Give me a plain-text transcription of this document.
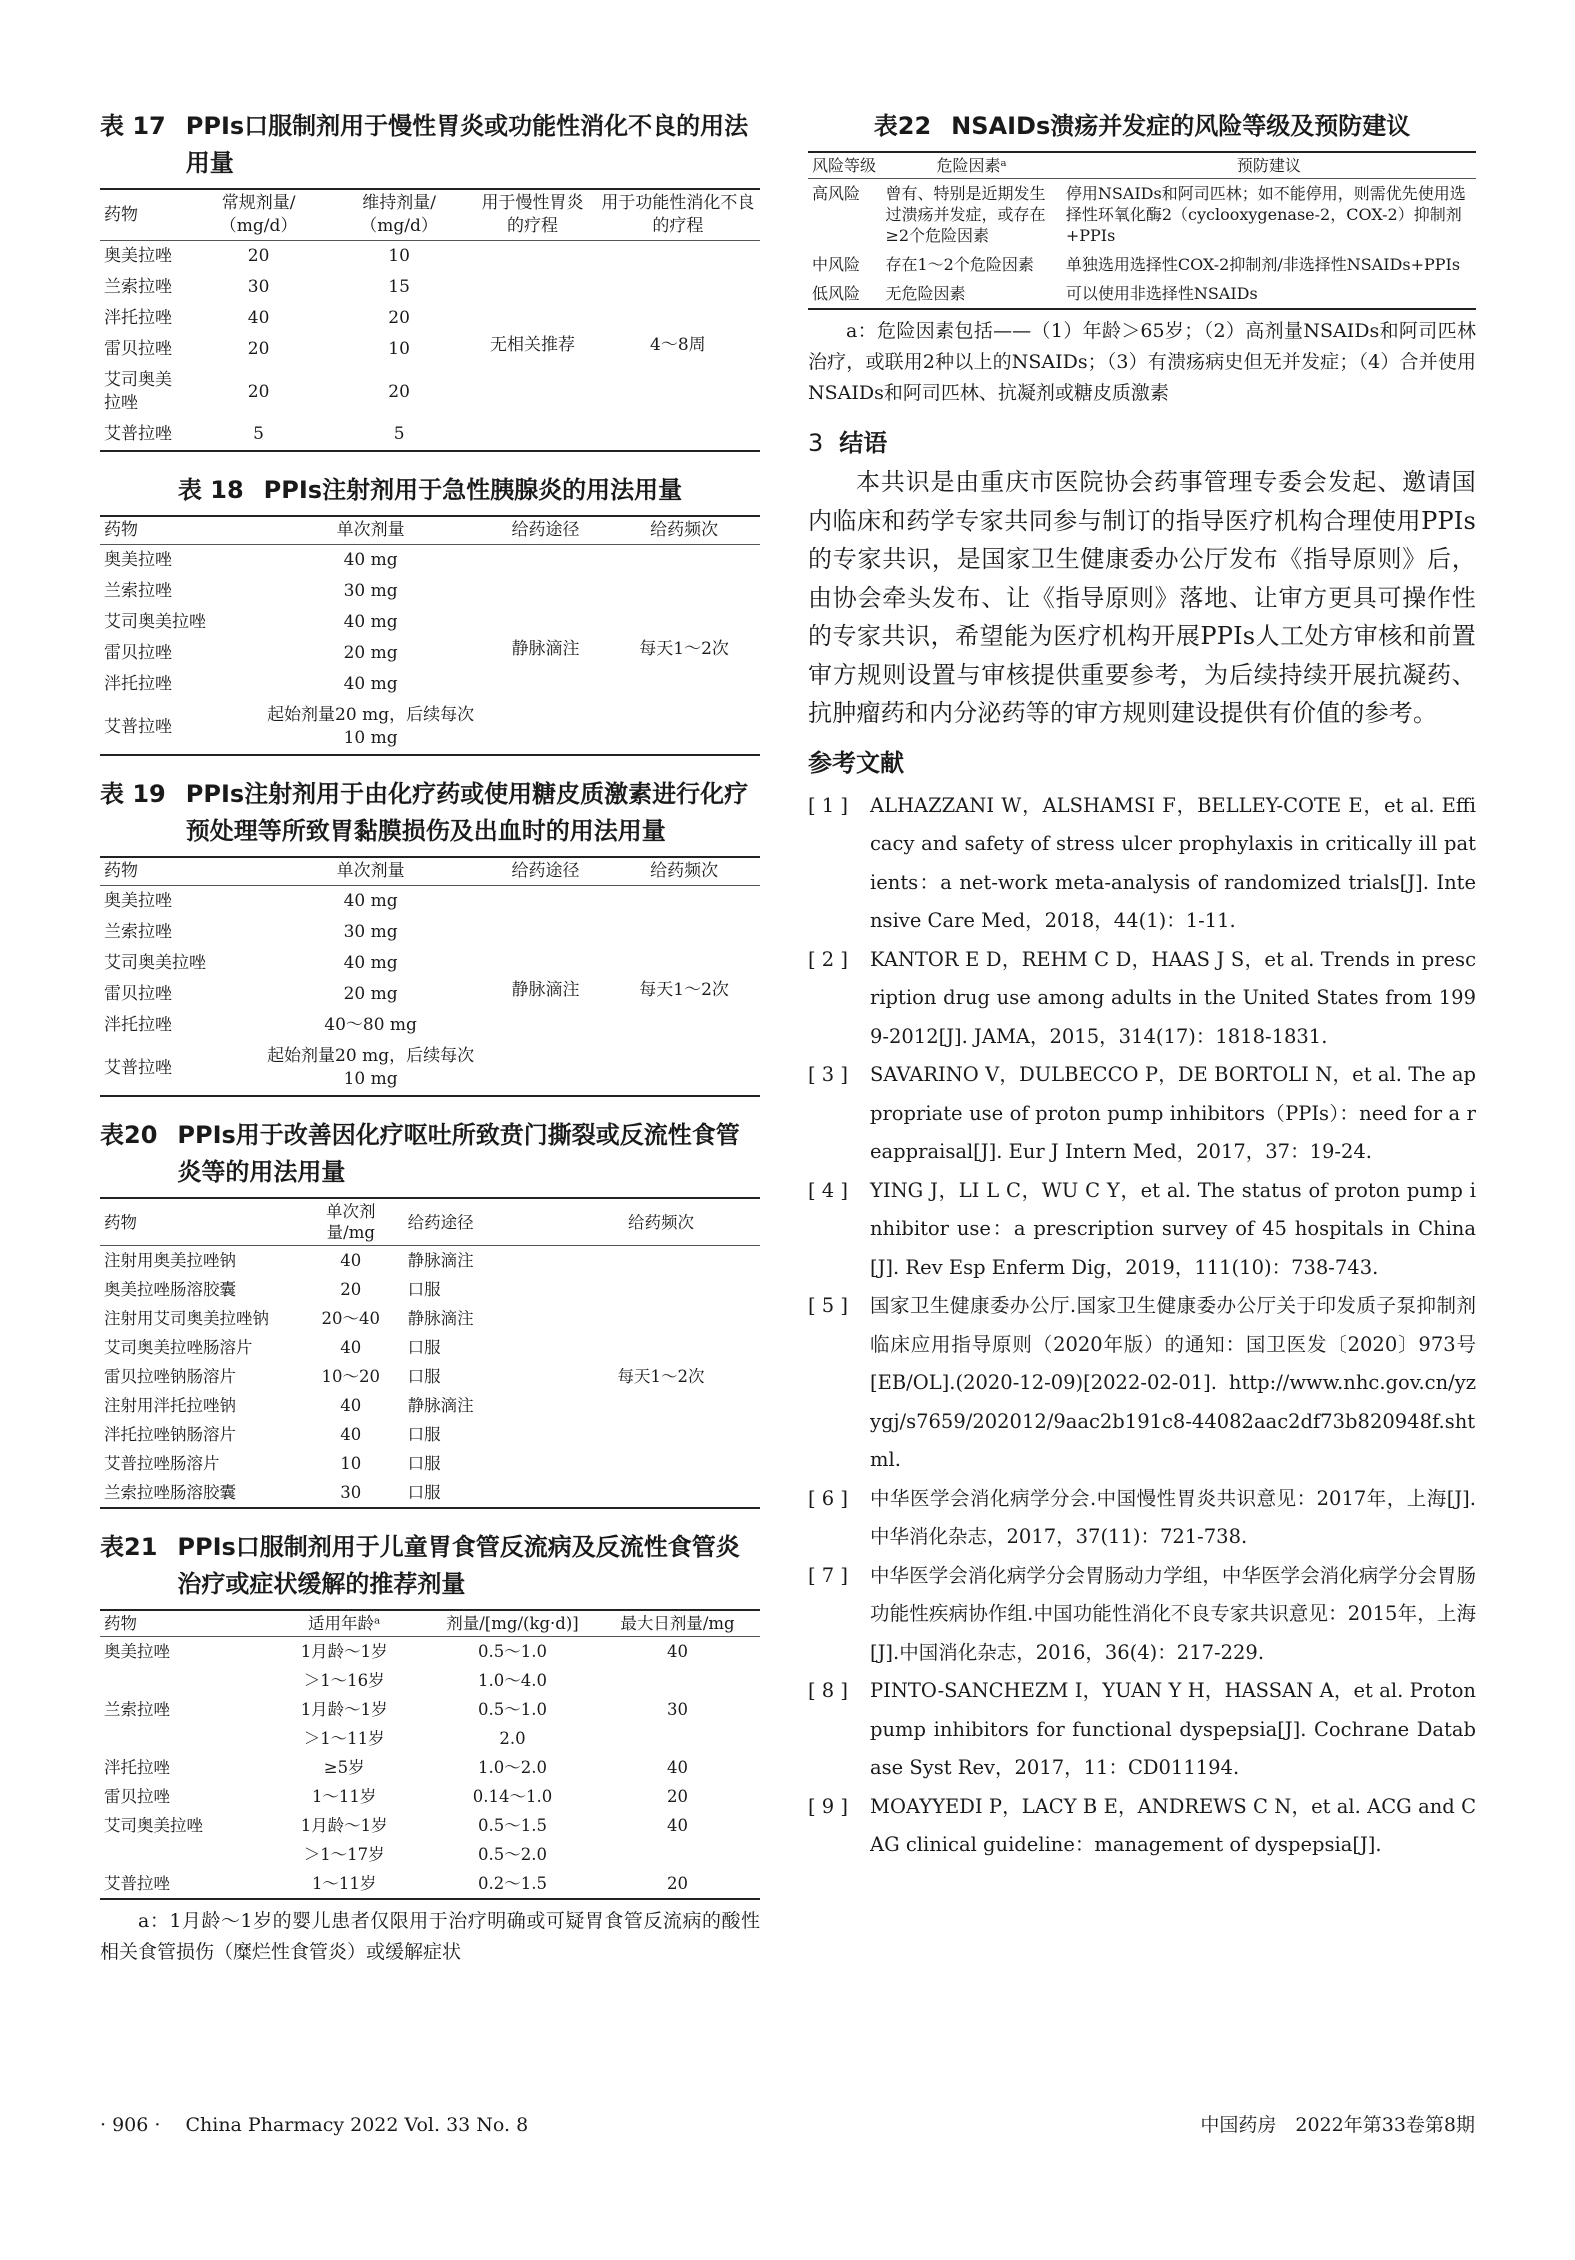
表 17 PPIs口服制剂用于慢性胃炎或功能性消化不良的用法用量
药物	常规剂量/（mg/d）	维持剂量/（mg/d）	用于慢性胃炎的疗程	用于功能性消化不良的疗程
奥美拉唑	20	10	无相关推荐	4～8周
兰索拉唑	30	15		
泮托拉唑	40	20		
雷贝拉唑	20	10		
艾司奥美拉唑	20	20		
艾普拉唑	5	5		
表 18 PPIs注射剂用于急性胰腺炎的用法用量
药物	单次剂量	给药途径	给药频次
奥美拉唑	40 mg	静脉滴注	每天1～2次
兰索拉唑	30 mg		
艾司奥美拉唑	40 mg		
雷贝拉唑	20 mg		
泮托拉唑	40 mg		
艾普拉唑	起始剂量20 mg，后续每次10 mg		
表 19 PPIs注射剂用于由化疗药或使用糖皮质激素进行化疗预处理等所致胃黏膜损伤及出血时的用法用量
药物	单次剂量	给药途径	给药频次
奥美拉唑	40 mg	静脉滴注	每天1～2次
兰索拉唑	30 mg		
艾司奥美拉唑	40 mg		
雷贝拉唑	20 mg		
泮托拉唑	40～80 mg		
艾普拉唑	起始剂量20 mg，后续每次10 mg		
表20 PPIs用于改善因化疗呕吐所致贲门撕裂或反流性食管炎等的用法用量
药物	单次剂量/mg	给药途径	给药频次
注射用奥美拉唑钠	40	静脉滴注	每天1～2次
奥美拉唑肠溶胶囊	20	口服	
注射用艾司奥美拉唑钠	20～40	静脉滴注	
艾司奥美拉唑肠溶片	40	口服	
雷贝拉唑钠肠溶片	10～20	口服	
注射用泮托拉唑钠	40	静脉滴注	
泮托拉唑钠肠溶片	40	口服	
艾普拉唑肠溶片	10	口服	
兰索拉唑肠溶胶囊	30	口服	
表21 PPIs口服制剂用于儿童胃食管反流病及反流性食管炎治疗或症状缓解的推荐剂量
药物	适用年龄ᵃ	剂量/[mg/(kg·d)]	最大日剂量/mg
奥美拉唑	1月龄～1岁	0.5～1.0	40
	＞1～16岁	1.0～4.0	
兰索拉唑	1月龄～1岁	0.5～1.0	30
	＞1～11岁	2.0	
泮托拉唑	≥5岁	1.0～2.0	40
雷贝拉唑	1～11岁	0.14～1.0	20
艾司奥美拉唑	1月龄～1岁	0.5～1.5	40
	＞1～17岁	0.5～2.0	
艾普拉唑	1～11岁	0.2～1.5	20

a：1月龄～1岁的婴儿患者仅限用于治疗明确或可疑胃食管反流病的酸性相关食管损伤（糜烂性食管炎）或缓解症状

表22 NSAIDs溃疡并发症的风险等级及预防建议
风险等级	危险因素ᵃ	预防建议
高风险	曾有、特别是近期发生过溃疡并发症，或存在≥2个危险因素	停用NSAIDs和阿司匹林；如不能停用，则需优先使用选择性环氧化酶2（cyclooxygenase-2，COX-2）抑制剂+PPIs
中风险	存在1～2个危险因素	单独选用选择性COX-2抑制剂/非选择性NSAIDs+PPIs
低风险	无危险因素	可以使用非选择性NSAIDs

a：危险因素包括——（1）年龄＞65岁；（2）高剂量NSAIDs和阿司匹林治疗，或联用2种以上的NSAIDs；（3）有溃疡病史但无并发症；（4）合并使用NSAIDs和阿司匹林、抗凝剂或糖皮质激素

3 结语

本共识是由重庆市医院协会药事管理专委会发起、邀请国内临床和药学专家共同参与制订的指导医疗机构合理使用PPIs的专家共识，是国家卫生健康委办公厅发布《指导原则》后，由协会牵头发布、让《指导原则》落地、让审方更具可操作性的专家共识，希望能为医疗机构开展PPIs人工处方审核和前置审方规则设置与审核提供重要参考，为后续持续开展抗凝药、抗肿瘤药和内分泌药等的审方规则建设提供有价值的参考。

参考文献
[ 1 ]	ALHAZZANI W，ALSHAMSI F，BELLEY-COTE E，et al. Efficacy and safety of stress ulcer prophylaxis in critically ill patients：a net-work meta-analysis of randomized trials[J]. Intensive Care Med，2018，44(1)：1-11.
[ 2 ]	KANTOR E D，REHM C D，HAAS J S，et al. Trends in prescription drug use among adults in the United States from 1999-2012[J]. JAMA，2015，314(17)：1818-1831.
[ 3 ]	SAVARINO V，DULBECCO P，DE BORTOLI N，et al. The appropriate use of proton pump inhibitors（PPIs）：need for a reappraisal[J]. Eur J Intern Med，2017，37：19-24.
[ 4 ]	YING J，LI L C，WU C Y，et al. The status of proton pump inhibitor use：a prescription survey of 45 hospitals in China[J]. Rev Esp Enferm Dig，2019，111(10)：738-743.
[ 5 ]	国家卫生健康委办公厅.国家卫生健康委办公厅关于印发质子泵抑制剂临床应用指导原则（2020年版）的通知：国卫医发〔2020〕973号[EB/OL].(2020-12-09)[2022-02-01]. http://www.nhc.gov.cn/yzygj/s7659/202012/9aac2b191c8-44082aac2df73b820948f.shtml.
[ 6 ]	中华医学会消化病学分会.中国慢性胃炎共识意见：2017年，上海[J].中华消化杂志，2017，37(11)：721-738.
[ 7 ]	中华医学会消化病学分会胃肠动力学组，中华医学会消化病学分会胃肠功能性疾病协作组.中国功能性消化不良专家共识意见：2015年，上海[J].中国消化杂志，2016，36(4)：217-229.
[ 8 ]	PINTO-SANCHEZM I，YUAN Y H，HASSAN A，et al. Proton pump inhibitors for functional dyspepsia[J]. Cochrane Database Syst Rev，2017，11：CD011194.
[ 9 ]	MOAYYEDI P，LACY B E，ANDREWS C N，et al. ACG and CAG clinical guideline：management of dyspepsia[J].
· 906 ·　 China Pharmacy 2022 Vol. 33 No. 8	中国药房　2022年第33卷第8期
